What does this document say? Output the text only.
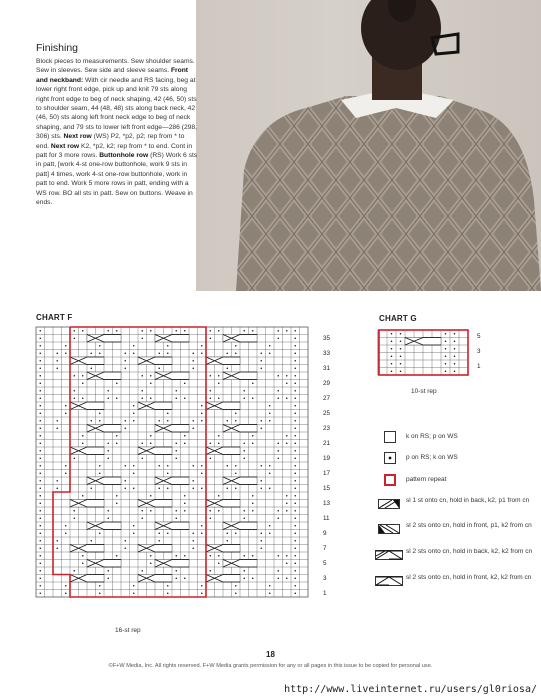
Finishing

Block pieces to measurements. Sew shoulder seams. Sew in sleeves. Sew side and sleeve seams. Front and neckband: With cir needle and RS facing, beg at lower right front edge, pick up and knit 79 sts along right front edge to beg of neck shaping, 42 (46, 50) sts to shoulder seam, 44 (48, 48) sts along back neck, 42 (46, 50) sts along left front neck edge to beg of neck shaping, and 79 sts to lower left front edge—286 (298, 306) sts. Next row (WS) P2, *p2, p2; rep from * to end. Next row K2, *p2, k2; rep from * to end. Cont in patt for 3 more rows. Buttonhole row (RS) Work 6 sts in patt, [work 4-st one-row buttonhole, work 9 sts in patt] 4 times, work 4-st one-row buttonhole, work in patt to end. Work 5 more rows in patt, ending with a WS row. BO all sts in patt. Sew on buttons. Weave in ends.

CHART F
35
33
31
29
27
25
23
21
19
17
15
13
11
9
7
5
3
1
16-st rep
CHART G
5
3
1
10-st rep
k on RS; p on WS
p on RS; k on WS
pattern repeat
sl 1 st onto cn, hold in back, k2, p1 from cn
sl 2 sts onto cn, hold in front, p1, k2 from cn
sl 2 sts onto cn, hold in back, k2, k2 from cn
sl 2 sts onto cn, hold in front, k2, k2 from cn
18
©F+W Media, Inc. All rights reserved. F+W Media grants permission for any or all pages in this issue to be copied for personal use.
http://www.liveinternet.ru/users/gl0riosa/
